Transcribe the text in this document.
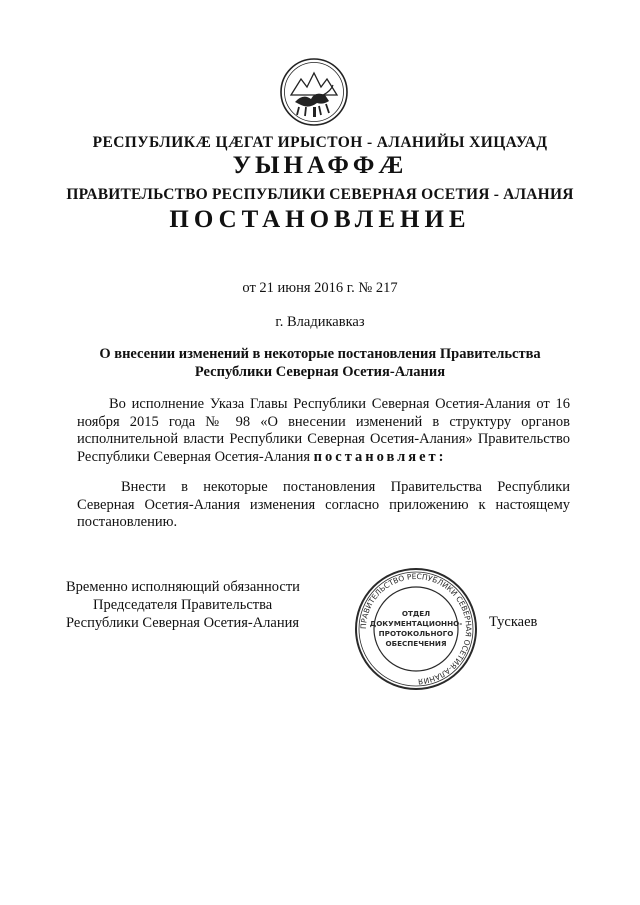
РЕСПУБЛИКӔ ЦӔГАТ ИРЫСТОН - АЛАНИЙЫ ХИЦАУАД
УЫНАФФӔ
ПРАВИТЕЛЬСТВО РЕСПУБЛИКИ СЕВЕРНАЯ ОСЕТИЯ - АЛАНИЯ
ПОСТАНОВЛЕНИЕ
от 21 июня 2016 г. № 217
г. Владикавказ
О внесении изменений в некоторые постановления Правительства
Республики Северная Осетия-Алания
Во исполнение Указа Главы Республики Северная Осетия-Алания от 16 ноября 2015 года № 98 «О внесении изменений в структуру органов исполнительной власти Республики Северная Осетия-Алания» Правительство Республики Северная Осетия-Алания постановляет:
Внести в некоторые постановления Правительства Республики Северная Осетия-Алания изменения согласно приложению к настоящему постановлению.
Временно исполняющий обязанности
Председателя Правительства
Республики Северная Осетия-Алания	ПРАВИТЕЛЬСТВО РЕСПУБЛИКИ СЕВЕРНАЯ ОСЕТИЯ-АЛАНИЯ
ОТДЕЛ
ДОКУМЕНТАЦИОННО-
ПРОТОКОЛЬНОГО
ОБЕСПЕЧЕНИЯ
Тускаев
